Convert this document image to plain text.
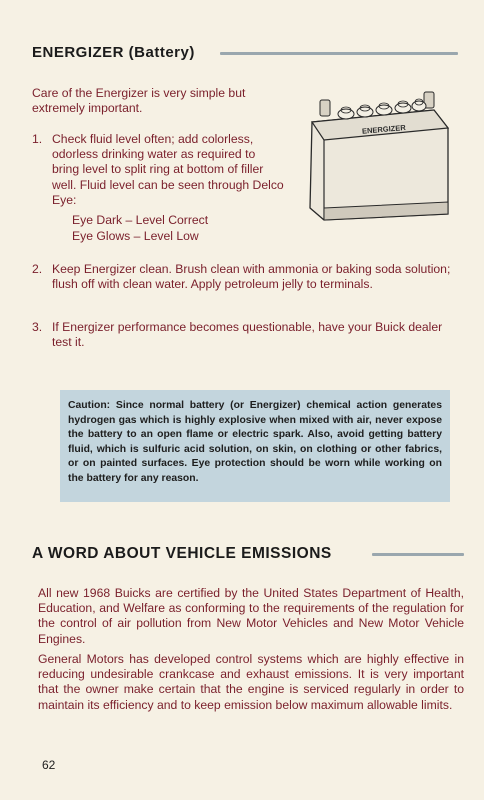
ENERGIZER (Battery)
Care of the Energizer is very simple but extremely important.
1. Check fluid level often; add colorless, odorless drinking water as required to bring level to split ring at bottom of filler well. Fluid level can be seen through Delco Eye:
Eye Dark – Level Correct
Eye Glows – Level Low
ENERGIZER
2. Keep Energizer clean. Brush clean with ammonia or baking soda solution; flush off with clean water. Apply petroleum jelly to terminals.
3. If Energizer performance becomes questionable, have your Buick dealer test it.
Caution: Since normal battery (or Energizer) chemical action generates hydrogen gas which is highly explosive when mixed with air, never expose the battery to an open flame or electric spark. Also, avoid getting battery fluid, which is sulfuric acid solution, on skin, on clothing or other fabrics, or on painted surfaces. Eye protection should be worn while working on the battery for any reason.
A WORD ABOUT VEHICLE EMISSIONS
All new 1968 Buicks are certified by the United States Department of Health, Education, and Welfare as conforming to the requirements of the regulation for the control of air pollution from New Motor Vehicles and New Motor Vehicle Engines.
General Motors has developed control systems which are highly effective in reducing undesirable crankcase and exhaust emissions. It is very important that the owner make certain that the engine is serviced regularly in order to maintain its efficiency and to keep emission below maximum allowable limits.
62
